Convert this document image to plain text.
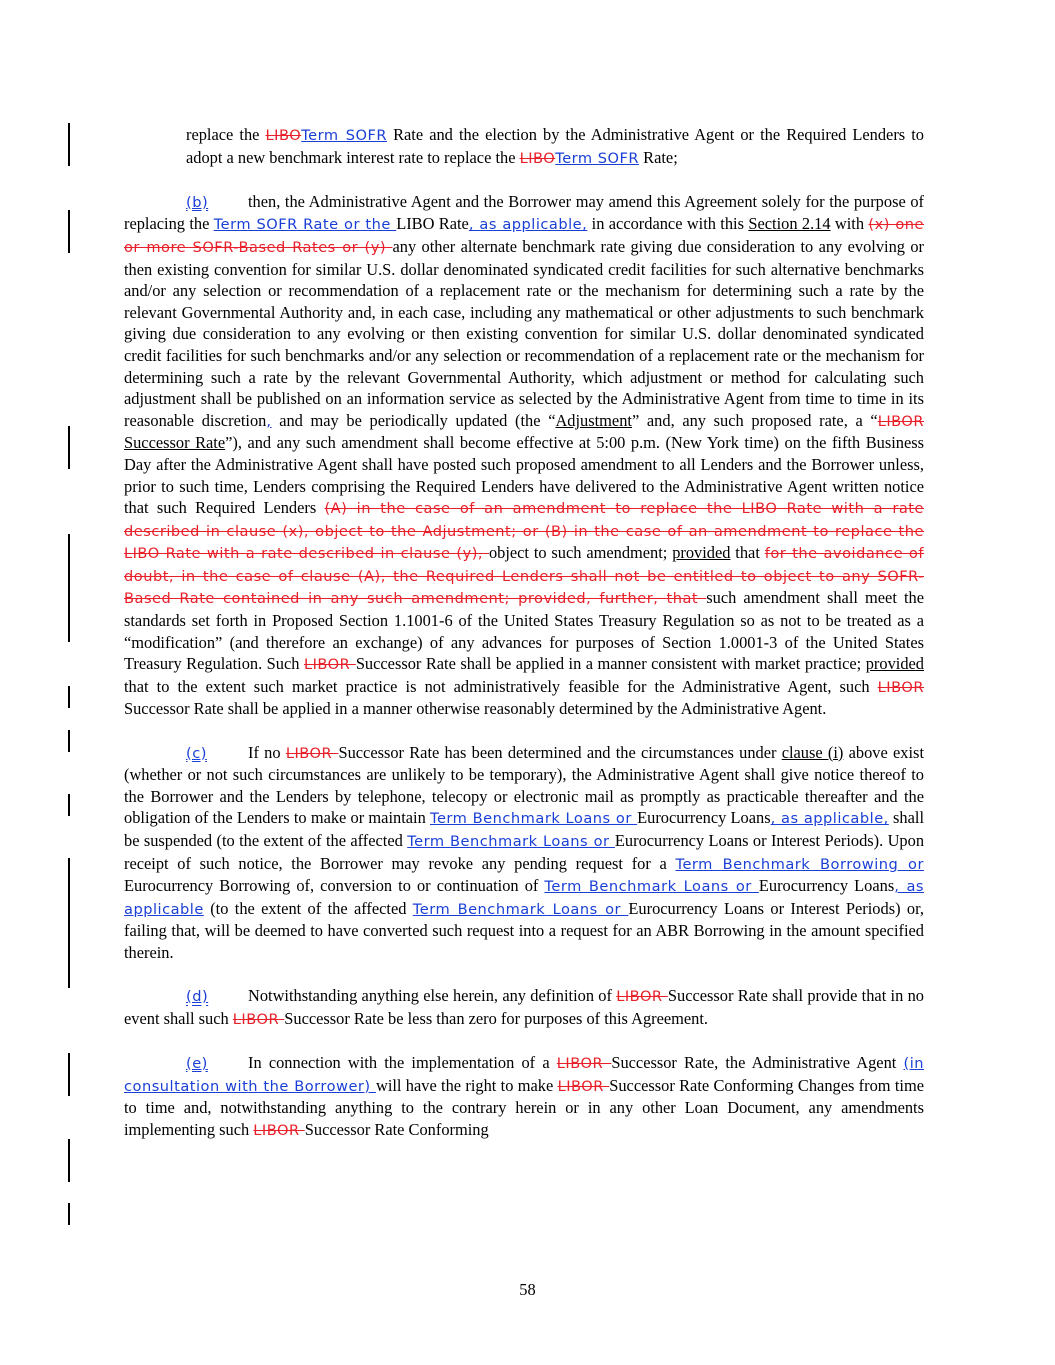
replace the LIBOTerm SOFR Rate and the election by the Administrative Agent or the Required Lenders to adopt a new benchmark interest rate to replace the LIBOTerm SOFR Rate;

(b) then, the Administrative Agent and the Borrower may amend this Agreement solely for the purpose of replacing the Term SOFR Rate or the LIBO Rate, as applicable, in accordance with this Section 2.14 with (x) one or more SOFR-Based Rates or (y) any other alternate benchmark rate giving due consideration to any evolving or then existing convention for similar U.S. dollar denominated syndicated credit facilities for such alternative benchmarks and/or any selection or recommendation of a replacement rate or the mechanism for determining such a rate by the relevant Governmental Authority and, in each case, including any mathematical or other adjustments to such benchmark giving due consideration to any evolving or then existing convention for similar U.S. dollar denominated syndicated credit facilities for such benchmarks and/or any selection or recommendation of a replacement rate or the mechanism for determining such a rate by the relevant Governmental Authority, which adjustment or method for calculating such adjustment shall be published on an information service as selected by the Administrative Agent from time to time in its reasonable discretion, and may be periodically updated (the “Adjustment” and, any such proposed rate, a “LIBOR Successor Rate”), and any such amendment shall become effective at 5:00 p.m. (New York time) on the fifth Business Day after the Administrative Agent shall have posted such proposed amendment to all Lenders and the Borrower unless, prior to such time, Lenders comprising the Required Lenders have delivered to the Administrative Agent written notice that such Required Lenders (A) in the case of an amendment to replace the LIBO Rate with a rate described in clause (x), object to the Adjustment; or (B) in the case of an amendment to replace the LIBO Rate with a rate described in clause (y), object to such amendment; provided that for the avoidance of doubt, in the case of clause (A), the Required Lenders shall not be entitled to object to any SOFR-Based Rate contained in any such amendment; provided, further, that such amendment shall meet the standards set forth in Proposed Section 1.1001-6 of the United States Treasury Regulation so as not to be treated as a “modification” (and therefore an exchange) of any advances for purposes of Section 1.0001-3 of the United States Treasury Regulation. Such LIBOR Successor Rate shall be applied in a manner consistent with market practice; provided that to the extent such market practice is not administratively feasible for the Administrative Agent, such LIBOR Successor Rate shall be applied in a manner otherwise reasonably determined by the Administrative Agent.

(c)	If no LIBOR Successor Rate has been determined and the circumstances under clause (i) above exist (whether or not such circumstances are unlikely to be temporary), the Administrative Agent shall give notice thereof to the Borrower and the Lenders by telephone, telecopy or electronic mail as promptly as practicable thereafter and the obligation of the Lenders to make or maintain Term Benchmark Loans or Eurocurrency Loans, as applicable, shall be suspended (to the extent of the affected Term Benchmark Loans or Eurocurrency Loans or Interest Periods). Upon receipt of such notice, the Borrower may revoke any pending request for a Term Benchmark Borrowing or Eurocurrency Borrowing of, conversion to or continuation of Term Benchmark Loans or Eurocurrency Loans, as applicable (to the extent of the affected Term Benchmark Loans or Eurocurrency Loans or Interest Periods) or, failing that, will be deemed to have converted such request into a request for an ABR Borrowing in the amount specified therein.

(d) Notwithstanding anything else herein, any definition of LIBOR Successor Rate shall provide that in no event shall such LIBOR Successor Rate be less than zero for purposes of this Agreement.

(e) In connection with the implementation of a LIBOR Successor Rate, the Administrative Agent (in consultation with the Borrower) will have the right to make LIBOR Successor Rate Conforming Changes from time to time and, notwithstanding anything to the contrary herein or in any other Loan Document, any amendments implementing such LIBOR Successor Rate Conforming

58
